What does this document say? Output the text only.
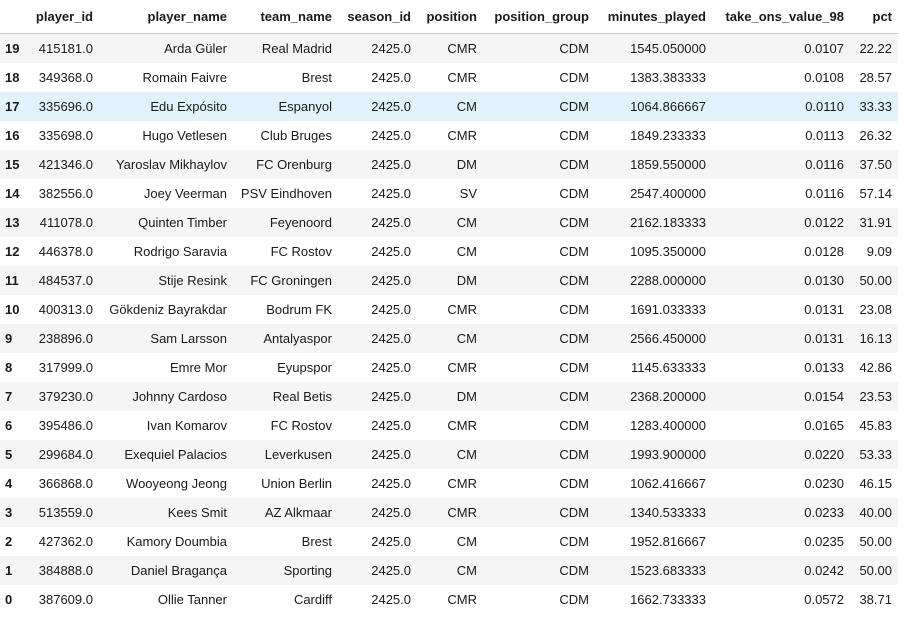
	player_id	player_name	team_name	season_id	position	position_group	minutes_played	take_ons_value_98	pct
19	415181.0	Arda Güler	Real Madrid	2425.0	CMR	CDM	1545.050000	0.0107	22.22
18	349368.0	Romain Faivre	Brest	2425.0	CMR	CDM	1383.383333	0.0108	28.57
17	335696.0	Edu Expósito	Espanyol	2425.0	CM	CDM	1064.866667	0.0110	33.33
16	335698.0	Hugo Vetlesen	Club Bruges	2425.0	CMR	CDM	1849.233333	0.0113	26.32
15	421346.0	Yaroslav Mikhaylov	FC Orenburg	2425.0	DM	CDM	1859.550000	0.0116	37.50
14	382556.0	Joey Veerman	PSV Eindhoven	2425.0	SV	CDM	2547.400000	0.0116	57.14
13	411078.0	Quinten Timber	Feyenoord	2425.0	CM	CDM	2162.183333	0.0122	31.91
12	446378.0	Rodrigo Saravia	FC Rostov	2425.0	CM	CDM	1095.350000	0.0128	9.09
11	484537.0	Stije Resink	FC Groningen	2425.0	DM	CDM	2288.000000	0.0130	50.00
10	400313.0	Gökdeniz Bayrakdar	Bodrum FK	2425.0	CMR	CDM	1691.033333	0.0131	23.08
9	238896.0	Sam Larsson	Antalyaspor	2425.0	CM	CDM	2566.450000	0.0131	16.13
8	317999.0	Emre Mor	Eyupspor	2425.0	CMR	CDM	1145.633333	0.0133	42.86
7	379230.0	Johnny Cardoso	Real Betis	2425.0	DM	CDM	2368.200000	0.0154	23.53
6	395486.0	Ivan Komarov	FC Rostov	2425.0	CMR	CDM	1283.400000	0.0165	45.83
5	299684.0	Exequiel Palacios	Leverkusen	2425.0	CM	CDM	1993.900000	0.0220	53.33
4	366868.0	Wooyeong Jeong	Union Berlin	2425.0	CMR	CDM	1062.416667	0.0230	46.15
3	513559.0	Kees Smit	AZ Alkmaar	2425.0	CMR	CDM	1340.533333	0.0233	40.00
2	427362.0	Kamory Doumbia	Brest	2425.0	CM	CDM	1952.816667	0.0235	50.00
1	384888.0	Daniel Bragança	Sporting	2425.0	CM	CDM	1523.683333	0.0242	50.00
0	387609.0	Ollie Tanner	Cardiff	2425.0	CMR	CDM	1662.733333	0.0572	38.71
